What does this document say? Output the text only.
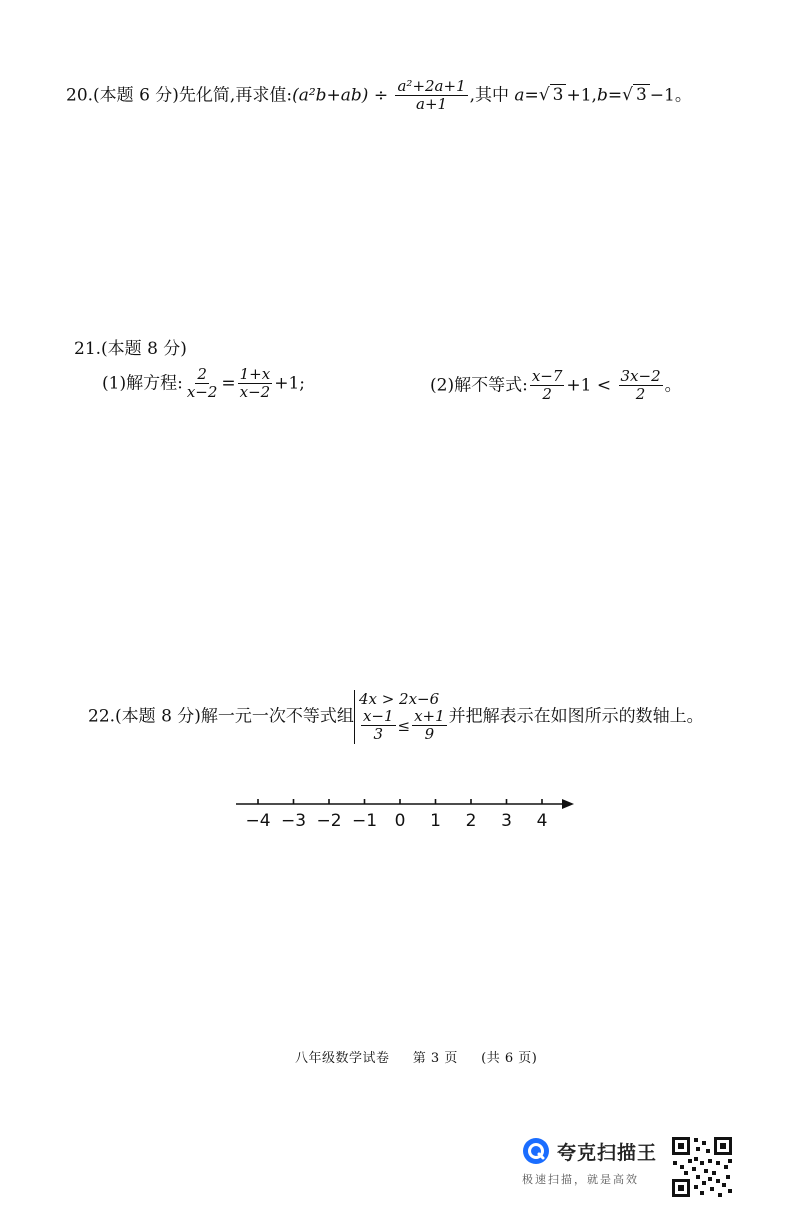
20.(本题 6 分)先化简,再求值:(a²b+ab) ÷ $\frac{\text{a²+2a+1}}{a+1}$ ,其中 a=√ 3 +1,b=√ 3 −1。
21.(本题 8 分)
(1)解方程: $\frac{2}{x-2} = \frac{1+x}{x-2} +1$;	(2)解不等式: $\frac{x-7}{2} +1 < \frac{3x-2}{2}$ 。
22.(本题 8 分)解一元一次不等式组
4x > 2x−6
$\frac{x-1}{3} \le \frac{x+1}{9}$ 并把解表示在如图所示的数轴上。
−4 −3 −2 −1 0 1 2 3 4
八年级数学试卷 第 3 页 (共 6 页)
夸克扫描王
极速扫描，就是高效
